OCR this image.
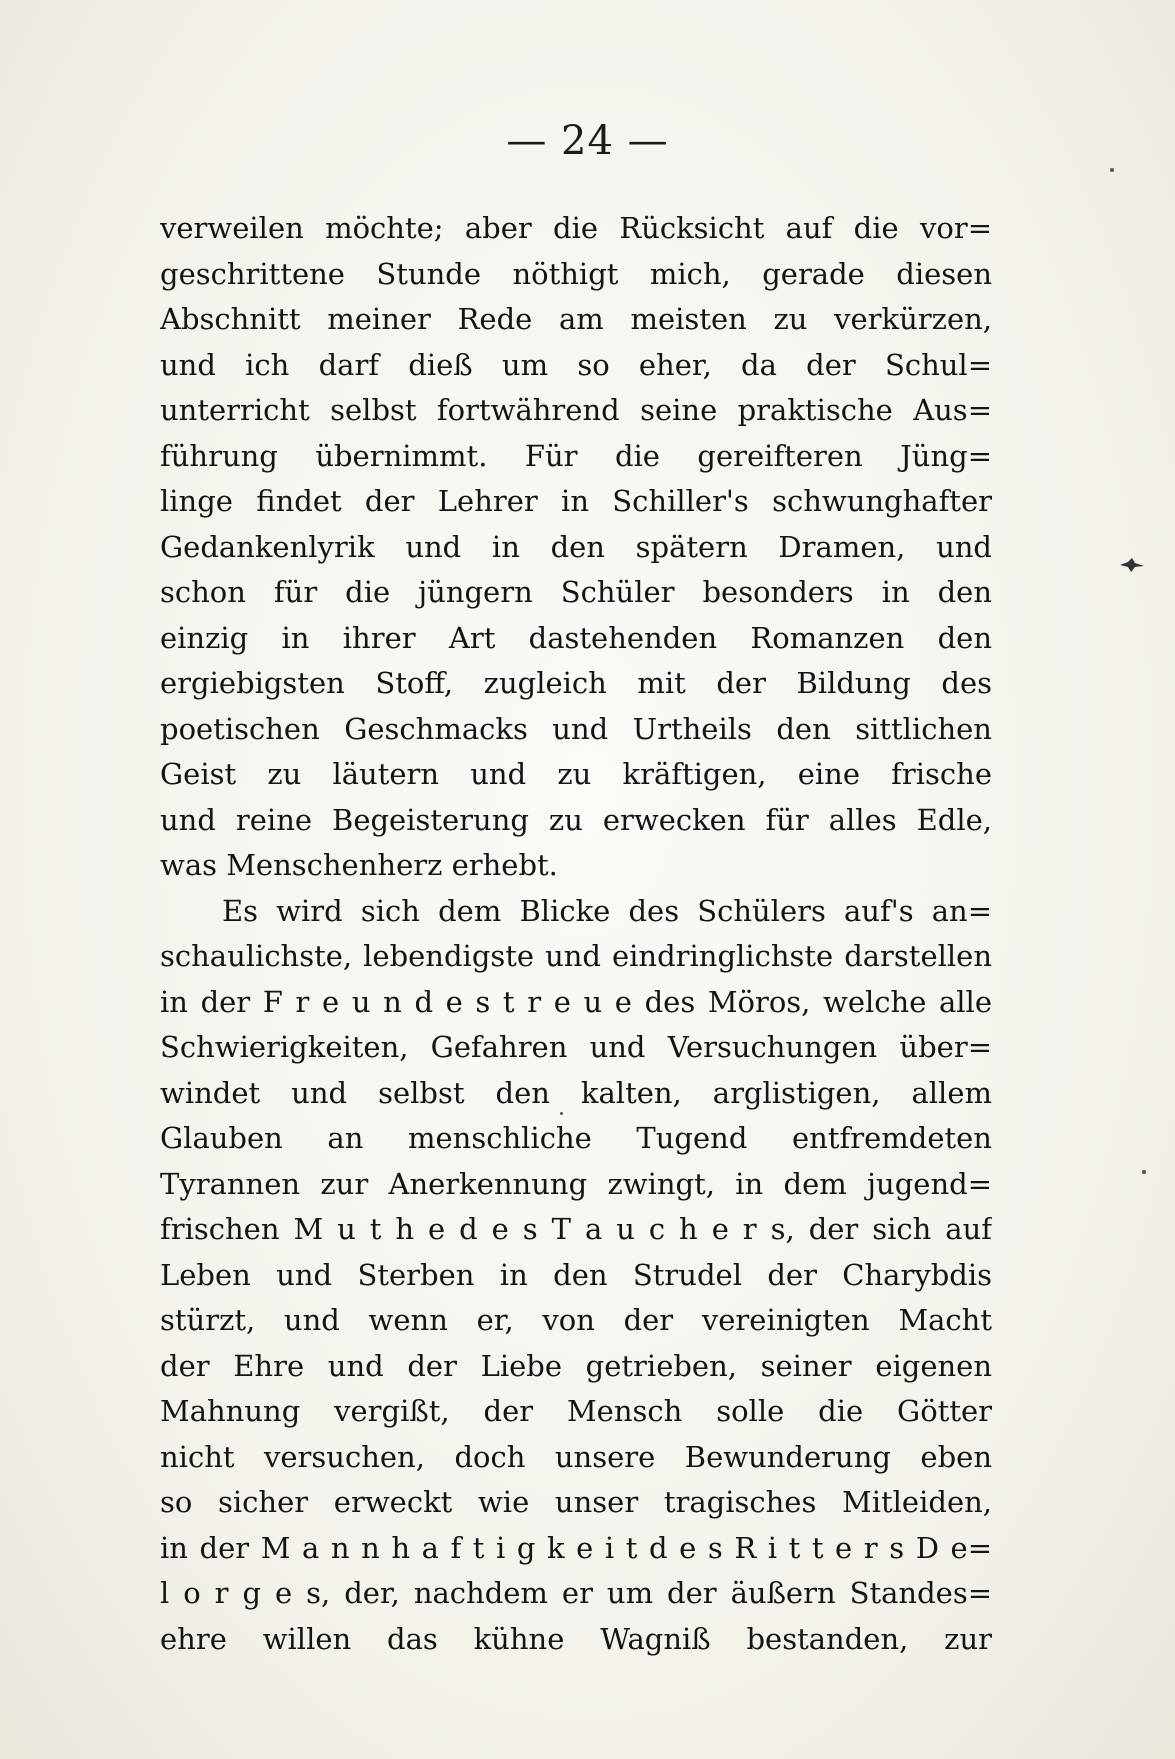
— 24 —
verweilen möchte; aber die Rücksicht auf die vor=
geschrittene Stunde nöthigt mich, gerade diesen
Abschnitt meiner Rede am meisten zu verkürzen,
und ich darf dieß um so eher, da der Schul=
unterricht selbst fortwährend seine praktische Aus=
führung übernimmt. Für die gereifteren Jüng=
linge findet der Lehrer in Schiller's schwunghafter
Gedankenlyrik und in den spätern Dramen, und
schon für die jüngern Schüler besonders in den
einzig in ihrer Art dastehenden Romanzen den
ergiebigsten Stoff, zugleich mit der Bildung des
poetischen Geschmacks und Urtheils den sittlichen
Geist zu läutern und zu kräftigen, eine frische
und reine Begeisterung zu erwecken für alles Edle,
was Menschenherz erhebt.
Es wird sich dem Blicke des Schülers auf's an=
schaulichste, lebendigste und eindringlichste darstellen
in der F r e u n d e s t r e u e des Möros, welche alle
Schwierigkeiten, Gefahren und Versuchungen über=
windet und selbst den kalten, arglistigen, allem
Glauben an menschliche Tugend entfremdeten
Tyrannen zur Anerkennung zwingt, in dem jugend=
frischen M u t h e d e s T a u c h e r s, der sich auf
Leben und Sterben in den Strudel der Charybdis
stürzt, und wenn er, von der vereinigten Macht
der Ehre und der Liebe getrieben, seiner eigenen
Mahnung vergißt, der Mensch solle die Götter
nicht versuchen, doch unsere Bewunderung eben
so sicher erweckt wie unser tragisches Mitleiden,
in der M a n n h a f t i g k e i t d e s R i t t e r s D e=
l o r g e s, der, nachdem er um der äußern Standes=
ehre willen das kühne Wagniß bestanden, zur
